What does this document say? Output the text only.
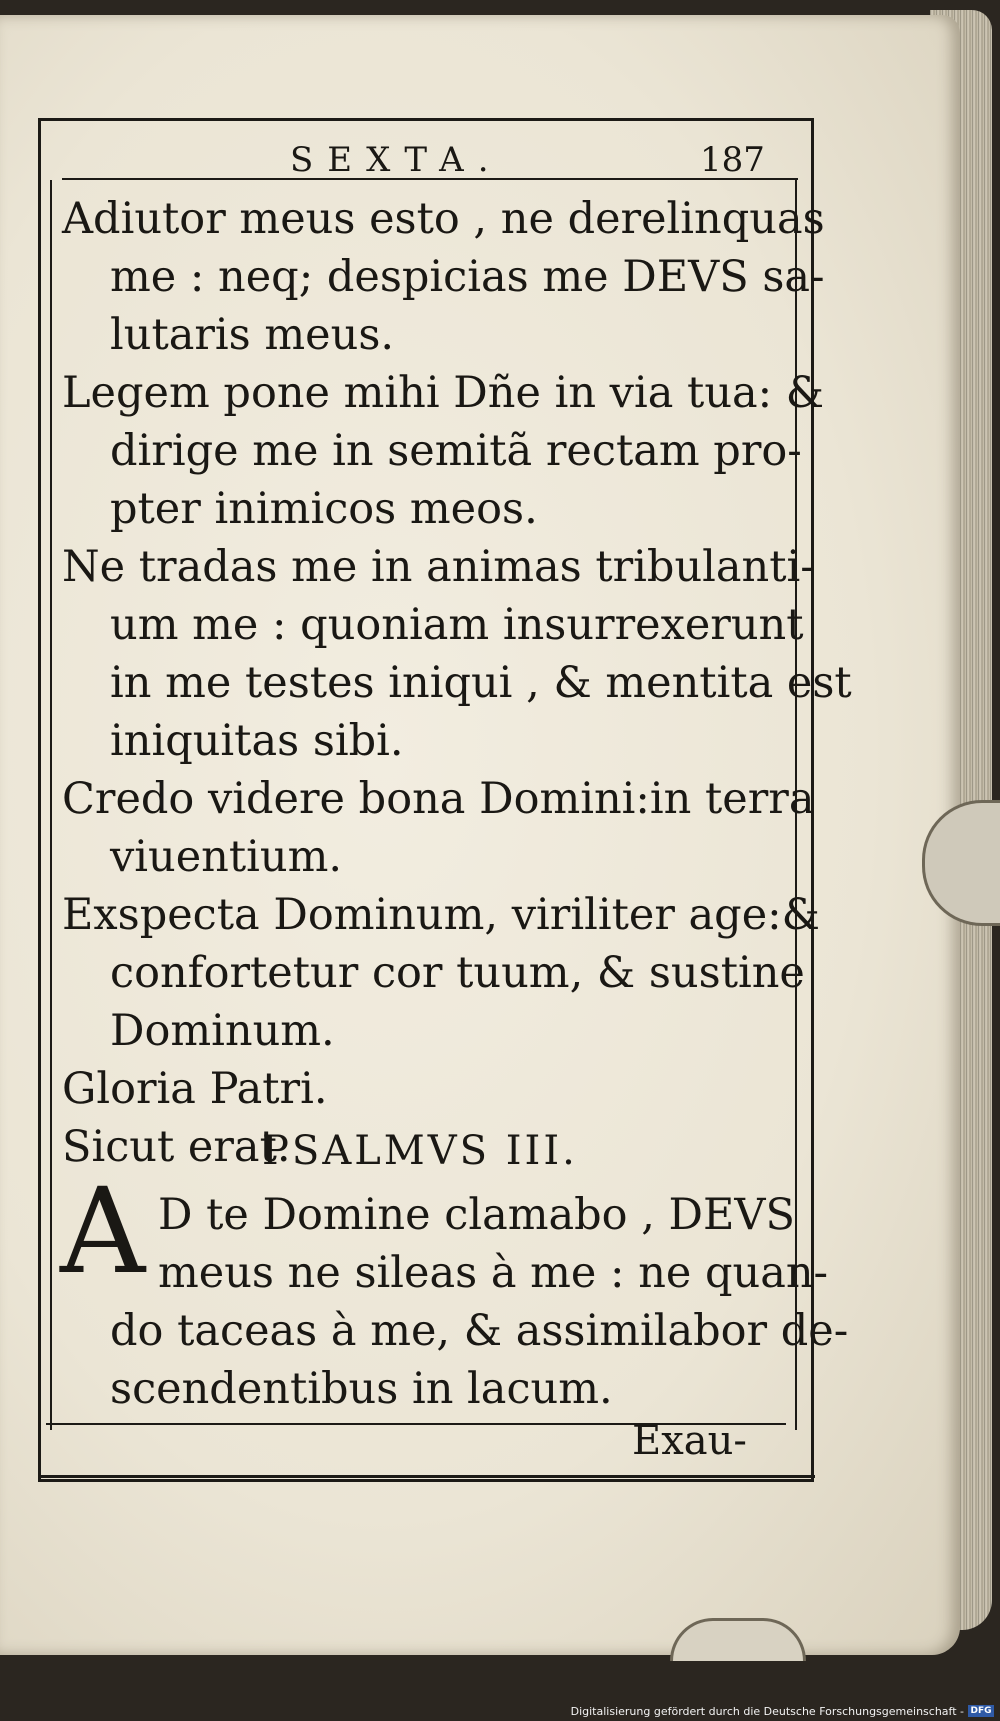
SEXTA.	187
Adiutor meus esto , ne derelinquas
me : neq; despicias me DEVS sa-
lutaris meus.
Legem pone mihi Dñe in via tua: &
dirige me in semitã rectam pro-
pter inimicos meos.
Ne tradas me in animas tribulanti-
um me : quoniam insurrexerunt
in me testes iniqui , & mentita est
iniquitas sibi.
Credo videre bona Domini:in terra
viuentium.
Exspecta Dominum, viriliter age:&
confortetur cor tuum, & sustine
Dominum.
Gloria Patri.
Sicut erat.
PSALMVS III.
A D te Domine clamabo , DEVS
meus ne sileas à me : ne quan-
do taceas à me, & assimilabor de-
scendentibus in lacum.
Exau-
Digitalisierung gefördert durch die Deutsche Forschungsgemeinschaft - DFG
